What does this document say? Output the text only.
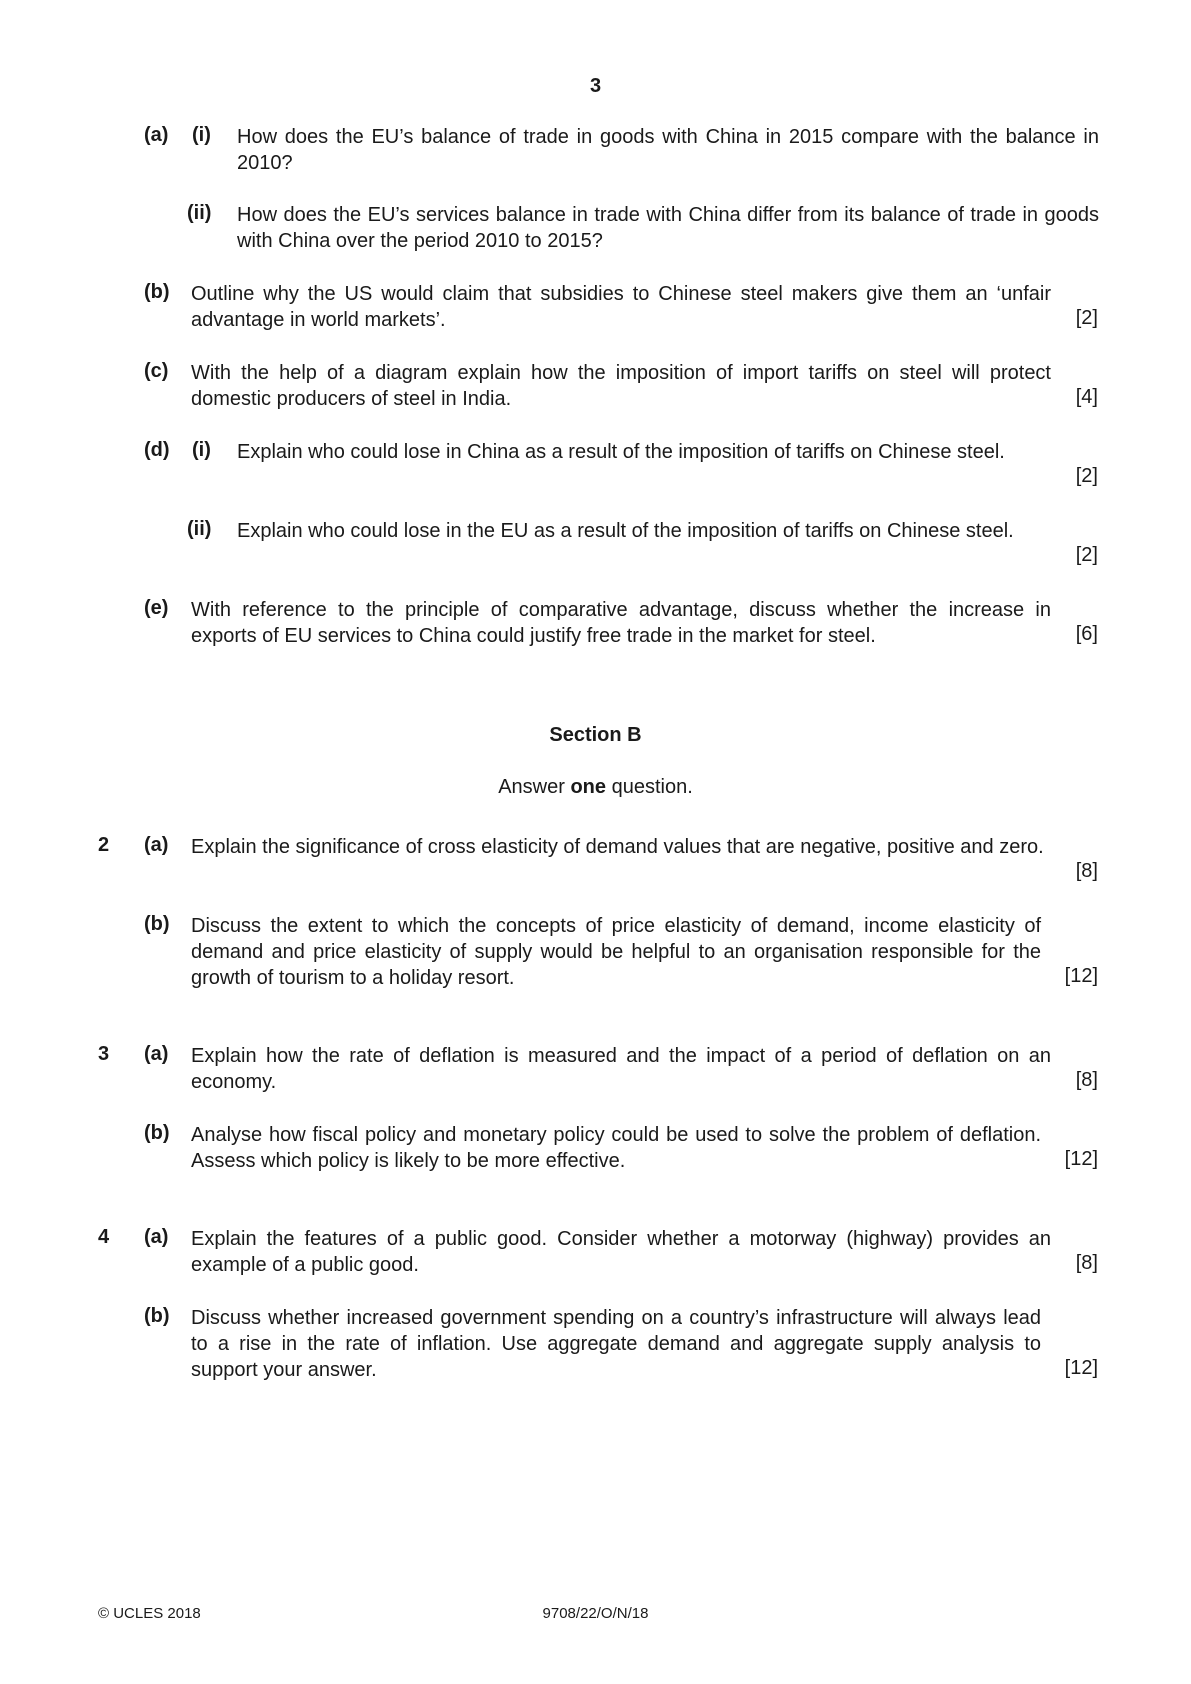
3
(a) (i) How does the EU’s balance of trade in goods with China in 2015 compare with the balance in 2010?
(ii) How does the EU’s services balance in trade with China differ from its balance of trade in goods with China over the period 2010 to 2015?
(b) Outline why the US would claim that subsidies to Chinese steel makers give them an ‘unfair advantage in world markets’.	[2]
(c) With the help of a diagram explain how the imposition of import tariffs on steel will protect domestic producers of steel in India.	[4]
(d) (i) Explain who could lose in China as a result of the imposition of tariffs on Chinese steel.
[2]
(ii) Explain who could lose in the EU as a result of the imposition of tariffs on Chinese steel.
[2]
(e) With reference to the principle of comparative advantage, discuss whether the increase in exports of EU services to China could justify free trade in the market for steel.	[6]
Section B
Answer one question.
2 (a) Explain the significance of cross elasticity of demand values that are negative, positive and zero.
[8]
(b) Discuss the extent to which the concepts of price elasticity of demand, income elasticity of demand and price elasticity of supply would be helpful to an organisation responsible for the growth of tourism to a holiday resort.	[12]
3 (a) Explain how the rate of deflation is measured and the impact of a period of deflation on an economy.	[8]
(b) Analyse how fiscal policy and monetary policy could be used to solve the problem of deflation. Assess which policy is likely to be more effective.	[12]
4 (a) Explain the features of a public good. Consider whether a motorway (highway) provides an example of a public good.	[8]
(b) Discuss whether increased government spending on a country’s infrastructure will always lead to a rise in the rate of inflation. Use aggregate demand and aggregate supply analysis to support your answer.	[12]
© UCLES 2018	9708/22/O/N/18
